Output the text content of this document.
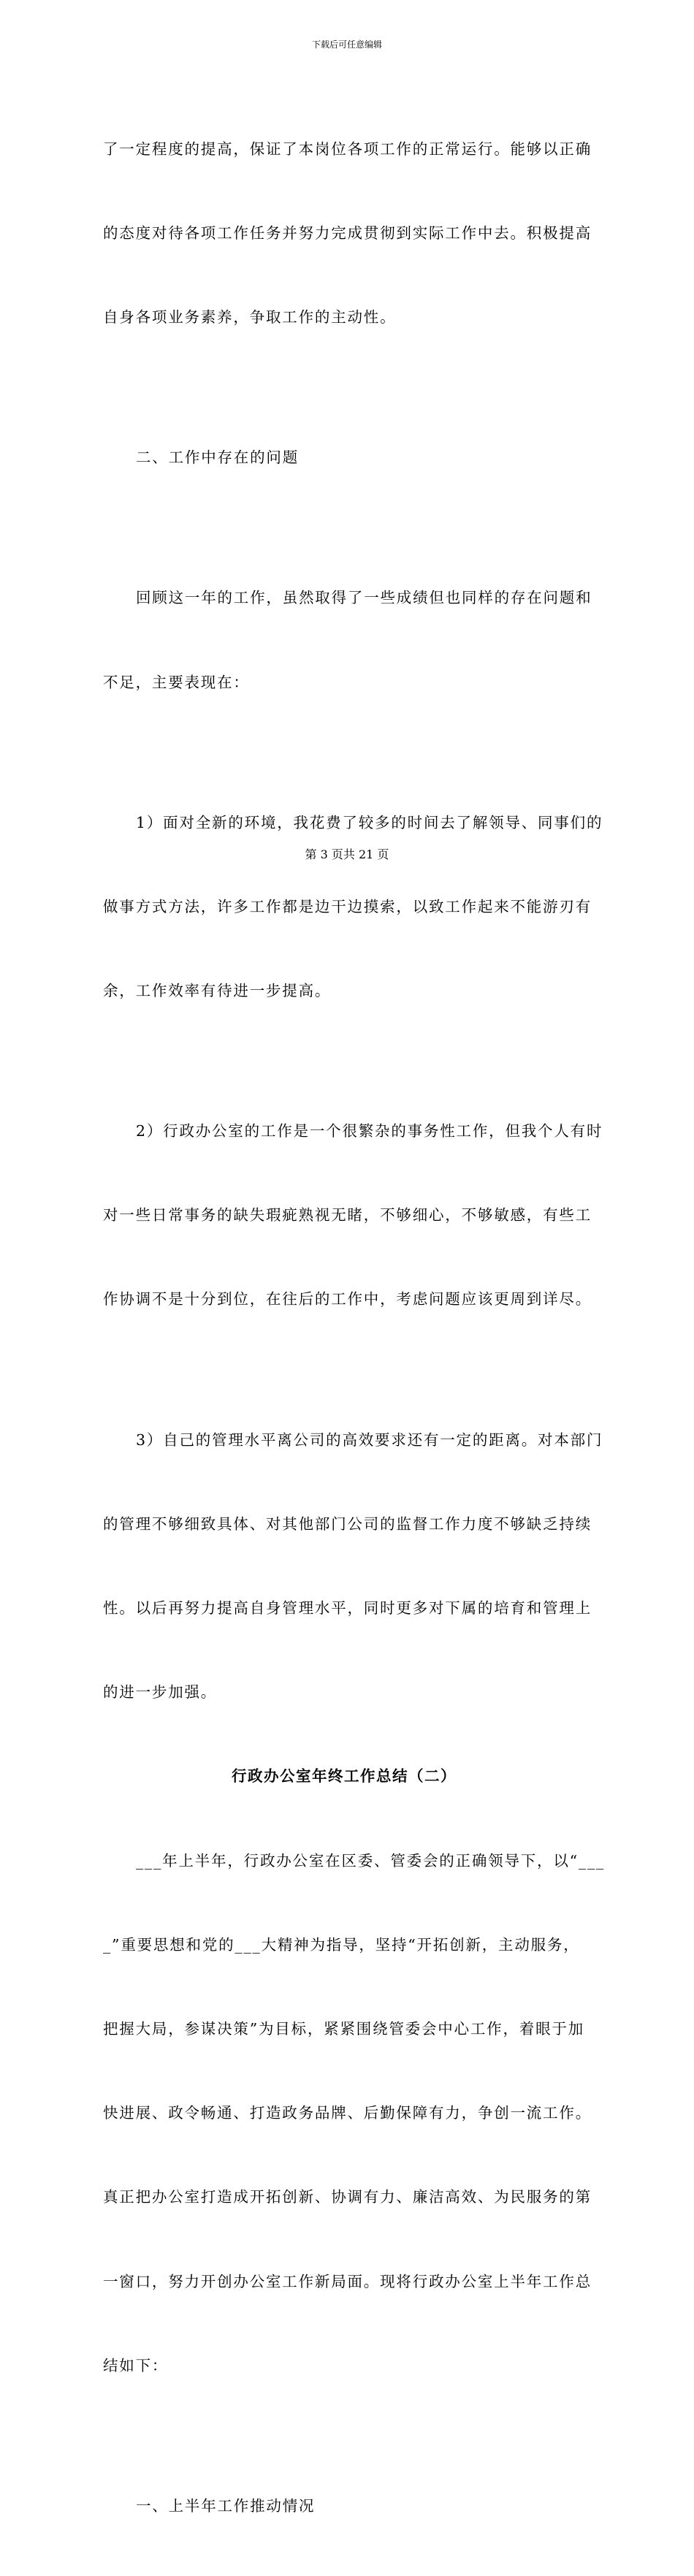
下载后可任意编辑

了一定程度的提高，保证了本岗位各项工作的正常运行。能够以正确

的态度对待各项工作任务并努力完成贯彻到实际工作中去。积极提高

自身各项业务素养，争取工作的主动性。

二、工作中存在的问题

回顾这一年的工作，虽然取得了一些成绩但也同样的存在问题和

不足，主要表现在：

1）面对全新的环境，我花费了较多的时间去了解领导、同事们的

做事方式方法，许多工作都是边干边摸索，以致工作起来不能游刃有

余，工作效率有待进一步提高。

2）行政办公室的工作是一个很繁杂的事务性工作，但我个人有时

对一些日常事务的缺失瑕疵熟视无睹，不够细心，不够敏感，有些工

作协调不是十分到位，在往后的工作中，考虑问题应该更周到详尽。

3）自己的管理水平离公司的高效要求还有一定的距离。对本部门

的管理不够细致具体、对其他部门公司的监督工作力度不够缺乏持续

性。以后再努力提高自身管理水平，同时更多对下属的培育和管理上

的进一步加强。

行政办公室年终工作总结（二）

___年上半年，行政办公室在区委、管委会的正确领导下，以“___

_”重要思想和党的___大精神为指导，坚持“开拓创新，主动服务，

把握大局，参谋决策”为目标，紧紧围绕管委会中心工作，着眼于加

快进展、政令畅通、打造政务品牌、后勤保障有力，争创一流工作。

真正把办公室打造成开拓创新、协调有力、廉洁高效、为民服务的第

一窗口，努力开创办公室工作新局面。现将行政办公室上半年工作总

结如下：

一、上半年工作推动情况

第 3 页共 21 页
